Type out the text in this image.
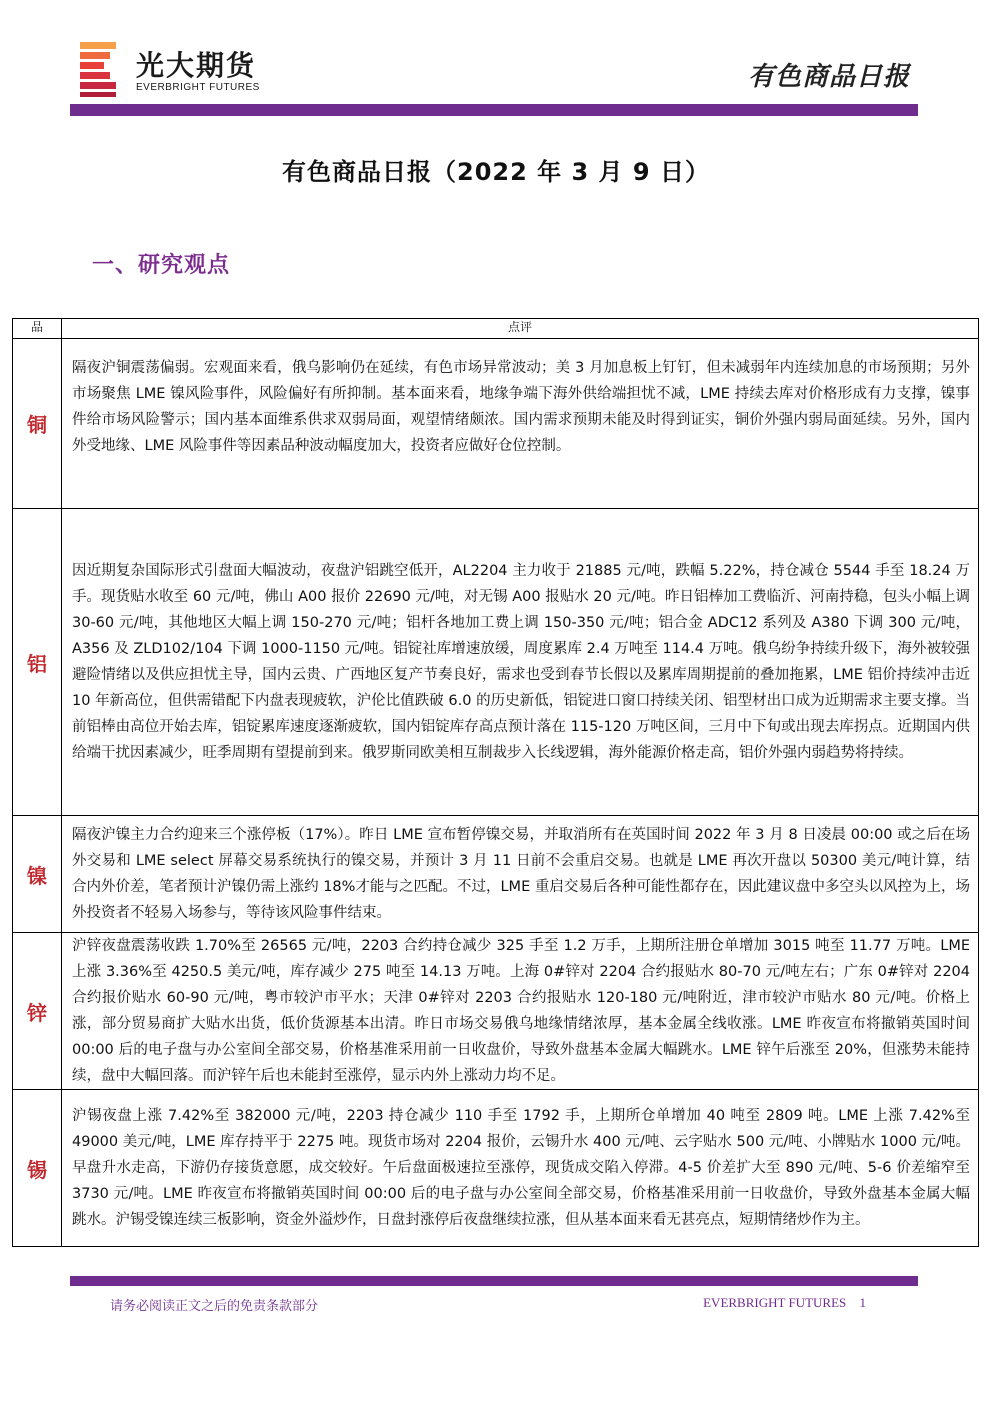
光大期货
EVERBRIGHT FUTURES	有色商品日报
有色商品日报（2022 年 3 月 9 日）
一、研究观点
品	点评
铜	隔夜沪铜震荡偏弱。宏观面来看，俄乌影响仍在延续，有色市场异常波动；美 3 月加息板上钉钉，但未减弱年内连续加息的市场预期；另外市场聚焦 LME 镍风险事件，风险偏好有所抑制。基本面来看，地缘争端下海外供给端担忧不减，LME 持续去库对价格形成有力支撑，镍事件给市场风险警示；国内基本面维系供求双弱局面，观望情绪颇浓。国内需求预期未能及时得到证实，铜价外强内弱局面延续。另外，国内外受地缘、LME 风险事件等因素品种波动幅度加大，投资者应做好仓位控制。
铝	因近期复杂国际形式引盘面大幅波动，夜盘沪铝跳空低开，AL2204 主力收于 21885 元/吨，跌幅 5.22%，持仓减仓 5544 手至 18.24 万手。现货贴水收至 60 元/吨，佛山 A00 报价 22690 元/吨，对无锡 A00 报贴水 20 元/吨。昨日铝棒加工费临沂、河南持稳，包头小幅上调 30-60 元/吨，其他地区大幅上调 150-270 元/吨；铝杆各地加工费上调 150-350 元/吨；铝合金 ADC12 系列及 A380 下调 300 元/吨，A356 及 ZLD102/104 下调 1000-1150 元/吨。铝锭社库增速放缓，周度累库 2.4 万吨至 114.4 万吨。俄乌纷争持续升级下，海外被较强避险情绪以及供应担忧主导，国内云贵、广西地区复产节奏良好，需求也受到春节长假以及累库周期提前的叠加拖累，LME 铝价持续冲击近 10 年新高位，但供需错配下内盘表现疲软，沪伦比值跌破 6.0 的历史新低，铝锭进口窗口持续关闭、铝型材出口成为近期需求主要支撑。当前铝棒由高位开始去库，铝锭累库速度逐渐疲软，国内铝锭库存高点预计落在 115-120 万吨区间，三月中下旬或出现去库拐点。近期国内供给端干扰因素减少，旺季周期有望提前到来。俄罗斯同欧美相互制裁步入长线逻辑，海外能源价格走高，铝价外强内弱趋势将持续。
镍	隔夜沪镍主力合约迎来三个涨停板（17%）。昨日 LME 宣布暂停镍交易，并取消所有在英国时间 2022 年 3 月 8 日凌晨 00:00 或之后在场外交易和 LME select 屏幕交易系统执行的镍交易，并预计 3 月 11 日前不会重启交易。也就是 LME 再次开盘以 50300 美元/吨计算，结合内外价差，笔者预计沪镍仍需上涨约 18%才能与之匹配。不过，LME 重启交易后各种可能性都存在，因此建议盘中多空头以风控为上，场外投资者不轻易入场参与，等待该风险事件结束。
锌	沪锌夜盘震荡收跌 1.70%至 26565 元/吨，2203 合约持仓减少 325 手至 1.2 万手，上期所注册仓单增加 3015 吨至 11.77 万吨。LME 上涨 3.36%至 4250.5 美元/吨，库存减少 275 吨至 14.13 万吨。上海 0#锌对 2204 合约报贴水 80-70 元/吨左右；广东 0#锌对 2204 合约报价贴水 60-90 元/吨，粤市较沪市平水；天津 0#锌对 2203 合约报贴水 120-180 元/吨附近，津市较沪市贴水 80 元/吨。价格上涨，部分贸易商扩大贴水出货，低价货源基本出清。昨日市场交易俄乌地缘情绪浓厚，基本金属全线收涨。LME 昨夜宣布将撤销英国时间 00:00 后的电子盘与办公室间全部交易，价格基准采用前一日收盘价，导致外盘基本金属大幅跳水。LME 锌午后涨至 20%，但涨势未能持续，盘中大幅回落。而沪锌午后也未能封至涨停，显示内外上涨动力均不足。
锡	沪锡夜盘上涨 7.42%至 382000 元/吨，2203 持仓减少 110 手至 1792 手，上期所仓单增加 40 吨至 2809 吨。LME 上涨 7.42%至 49000 美元/吨，LME 库存持平于 2275 吨。现货市场对 2204 报价，云锡升水 400 元/吨、云字贴水 500 元/吨、小牌贴水 1000 元/吨。早盘升水走高，下游仍存接货意愿，成交较好。午后盘面极速拉至涨停，现货成交陷入停滞。4-5 价差扩大至 890 元/吨、5-6 价差缩窄至 3730 元/吨。LME 昨夜宣布将撤销英国时间 00:00 后的电子盘与办公室间全部交易，价格基准采用前一日收盘价，导致外盘基本金属大幅跳水。沪锡受镍连续三板影响，资金外溢炒作，日盘封涨停后夜盘继续拉涨，但从基本面来看无甚亮点，短期情绪炒作为主。
请务必阅读正文之后的免责条款部分	EVERBRIGHT FUTURES 1
